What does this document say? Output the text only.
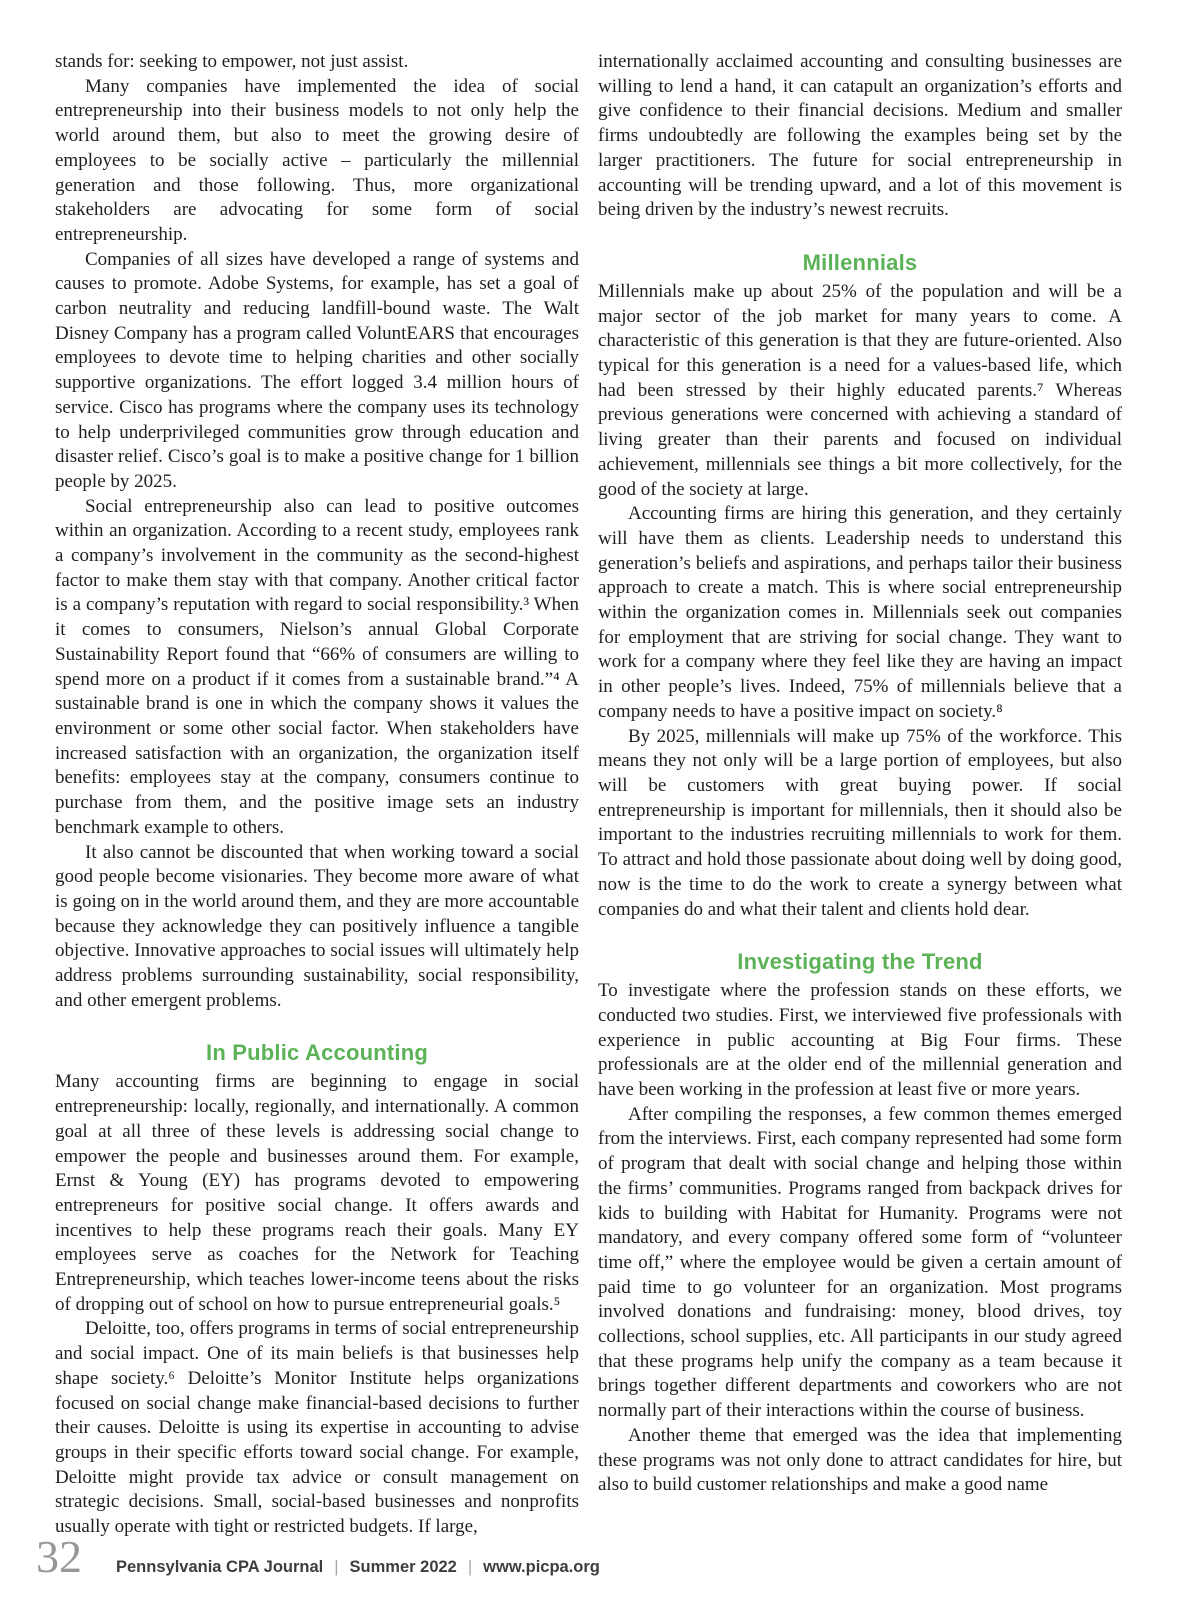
stands for: seeking to empower, not just assist.

Many companies have implemented the idea of social entrepreneurship into their business models to not only help the world around them, but also to meet the growing desire of employees to be socially active – particularly the millennial generation and those following. Thus, more organizational stakeholders are advocating for some form of social entrepreneurship.

Companies of all sizes have developed a range of systems and causes to promote. Adobe Systems, for example, has set a goal of carbon neutrality and reducing landfill-bound waste. The Walt Disney Company has a program called VoluntEARS that encourages employees to devote time to helping charities and other socially supportive organizations. The effort logged 3.4 million hours of service. Cisco has programs where the company uses its technology to help underprivileged communities grow through education and disaster relief. Cisco’s goal is to make a positive change for 1 billion people by 2025.

Social entrepreneurship also can lead to positive outcomes within an organization. According to a recent study, employees rank a company’s involvement in the community as the second-highest factor to make them stay with that company. Another critical factor is a company’s reputation with regard to social responsibility.³ When it comes to consumers, Nielson’s annual Global Corporate Sustainability Report found that “66% of consumers are willing to spend more on a product if it comes from a sustainable brand.”⁴ A sustainable brand is one in which the company shows it values the environment or some other social factor. When stakeholders have increased satisfaction with an organization, the organization itself benefits: employees stay at the company, consumers continue to purchase from them, and the positive image sets an industry benchmark example to others.

It also cannot be discounted that when working toward a social good people become visionaries. They become more aware of what is going on in the world around them, and they are more accountable because they acknowledge they can positively influence a tangible objective. Innovative approaches to social issues will ultimately help address problems surrounding sustainability, social responsibility, and other emergent problems.

In Public Accounting

Many accounting firms are beginning to engage in social entrepreneurship: locally, regionally, and internationally. A common goal at all three of these levels is addressing social change to empower the people and businesses around them. For example, Ernst & Young (EY) has programs devoted to empowering entrepreneurs for positive social change. It offers awards and incentives to help these programs reach their goals. Many EY employees serve as coaches for the Network for Teaching Entrepreneurship, which teaches lower-income teens about the risks of dropping out of school on how to pursue entrepreneurial goals.⁵

Deloitte, too, offers programs in terms of social entrepreneurship and social impact. One of its main beliefs is that businesses help shape society.⁶ Deloitte’s Monitor Institute helps organizations focused on social change make financial-based decisions to further their causes. Deloitte is using its expertise in accounting to advise groups in their specific efforts toward social change. For example, Deloitte might provide tax advice or consult management on strategic decisions. Small, social-based businesses and nonprofits usually operate with tight or restricted budgets. If large,

internationally acclaimed accounting and consulting businesses are willing to lend a hand, it can catapult an organization’s efforts and give confidence to their financial decisions. Medium and smaller firms undoubtedly are following the examples being set by the larger practitioners. The future for social entrepreneurship in accounting will be trending upward, and a lot of this movement is being driven by the industry’s newest recruits.

Millennials

Millennials make up about 25% of the population and will be a major sector of the job market for many years to come. A characteristic of this generation is that they are future-oriented. Also typical for this generation is a need for a values-based life, which had been stressed by their highly educated parents.⁷ Whereas previous generations were concerned with achieving a standard of living greater than their parents and focused on individual achievement, millennials see things a bit more collectively, for the good of the society at large.

Accounting firms are hiring this generation, and they certainly will have them as clients. Leadership needs to understand this generation’s beliefs and aspirations, and perhaps tailor their business approach to create a match. This is where social entrepreneurship within the organization comes in. Millennials seek out companies for employment that are striving for social change. They want to work for a company where they feel like they are having an impact in other people’s lives. Indeed, 75% of millennials believe that a company needs to have a positive impact on society.⁸

By 2025, millennials will make up 75% of the workforce. This means they not only will be a large portion of employees, but also will be customers with great buying power. If social entrepreneurship is important for millennials, then it should also be important to the industries recruiting millennials to work for them. To attract and hold those passionate about doing well by doing good, now is the time to do the work to create a synergy between what companies do and what their talent and clients hold dear.

Investigating the Trend

To investigate where the profession stands on these efforts, we conducted two studies. First, we interviewed five professionals with experience in public accounting at Big Four firms. These professionals are at the older end of the millennial generation and have been working in the profession at least five or more years.

After compiling the responses, a few common themes emerged from the interviews. First, each company represented had some form of program that dealt with social change and helping those within the firms’ communities. Programs ranged from backpack drives for kids to building with Habitat for Humanity. Programs were not mandatory, and every company offered some form of “volunteer time off,” where the employee would be given a certain amount of paid time to go volunteer for an organization. Most programs involved donations and fundraising: money, blood drives, toy collections, school supplies, etc. All participants in our study agreed that these programs help unify the company as a team because it brings together different departments and coworkers who are not normally part of their interactions within the course of business.

Another theme that emerged was the idea that implementing these programs was not only done to attract candidates for hire, but also to build customer relationships and make a good name

32 Pennsylvania CPA Journal | Summer 2022 | www.picpa.org
